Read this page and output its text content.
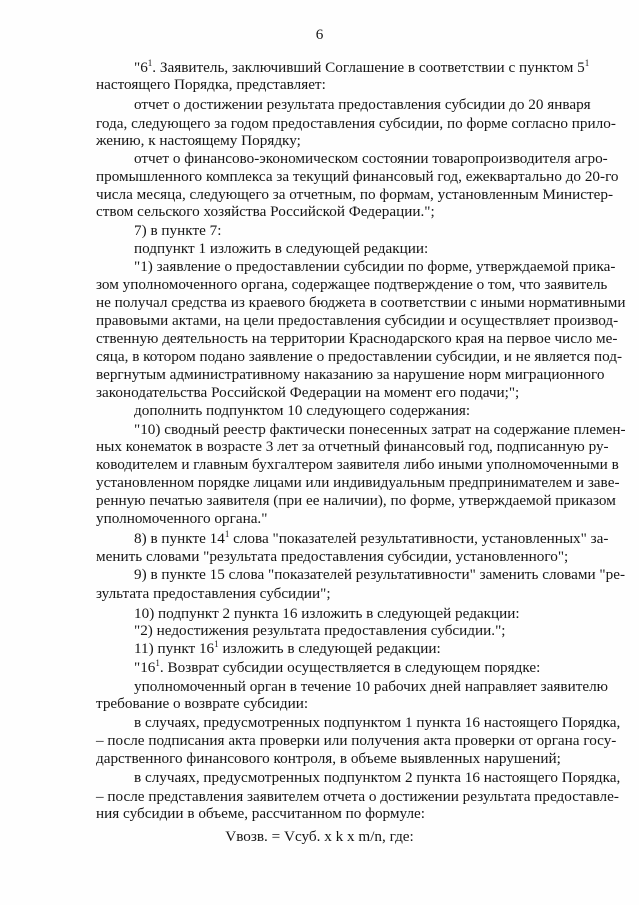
6
"$6^1$. Заявитель, заключивший Соглашение в соответствии с пунктом $5^1$
настоящего Порядка, представляет:
отчет о достижении результата предоставления субсидии до 20 января
года, следующего за годом предоставления субсидии, по форме согласно прило-
жению, к настоящему Порядку;
отчет о финансово-экономическом состоянии товаропроизводителя агро-
промышленного комплекса за текущий финансовый год, ежеквартально до 20-го
числа месяца, следующего за отчетным, по формам, установленным Министер-
ством сельского хозяйства Российской Федерации.";
7) в пункте 7:
подпункт 1 изложить в следующей редакции:
"1) заявление о предоставлении субсидии по форме, утверждаемой прика-
зом уполномоченного органа, содержащее подтверждение о том, что заявитель
не получал средства из краевого бюджета в соответствии с иными нормативными
правовыми актами, на цели предоставления субсидии и осуществляет производ-
ственную деятельность на территории Краснодарского края на первое число ме-
сяца, в котором подано заявление о предоставлении субсидии, и не является под-
вергнутым административному наказанию за нарушение норм миграционного
законодательства Российской Федерации на момент его подачи;";
дополнить подпунктом 10 следующего содержания:
"10) сводный реестр фактически понесенных затрат на содержание племен-
ных конематок в возрасте 3 лет за отчетный финансовый год, подписанную ру-
ководителем и главным бухгалтером заявителя либо иными уполномоченными в
установленном порядке лицами или индивидуальным предпринимателем и завe-
ренную печатью заявителя (при ее наличии), по форме, утверждаемой приказом
уполномоченного органа."
8) в пункте $14^1$ слова "показателей результативности, установленных" за-
менить словами "результата предоставления субсидии, установленного";
9) в пункте 15 слова "показателей результативности" заменить словами "ре-
зультата предоставления субсидии";
10) подпункт 2 пункта 16 изложить в следующей редакции:
"2) недостижения результата предоставления субсидии.";
11) пункт $16^1$ изложить в следующей редакции:
"$16^1$. Возврат субсидии осуществляется в следующем порядке:
уполномоченный орган в течение 10 рабочих дней направляет заявителю
требование о возврате субсидии:
в случаях, предусмотренных подпунктом 1 пункта 16 настоящего Порядка,
– после подписания акта проверки или получения акта проверки от органа госу-
дарственного финансового контроля, в объеме выявленных нарушений;
в случаях, предусмотренных подпунктом 2 пункта 16 настоящего Порядка,
– после представления заявителем отчета о достижении результата предоставле-
ния субсидии в объеме, рассчитанном по формуле:
Vвозв. = Vсуб. x k x m/n, где:
